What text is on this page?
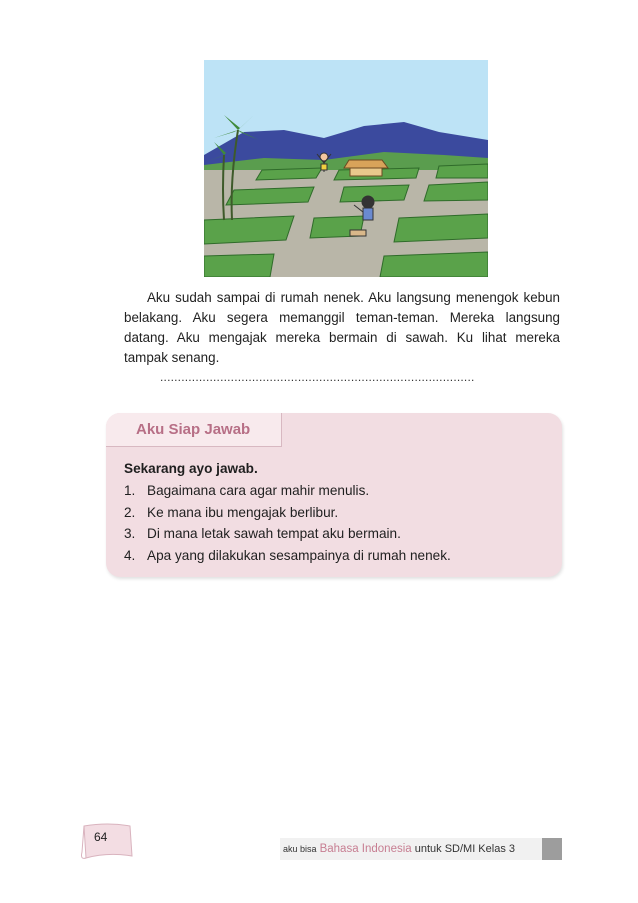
Aku sudah sampai di rumah nenek. Aku langsung menengok kebun belakang. Aku segera memanggil teman-teman. Mereka langsung datang. Aku mengajak mereka bermain di sawah. Ku lihat mereka tampak senang.

.........................................................................................
Aku Siap Jawab
Sekarang ayo jawab.
1. Bagaimana cara agar mahir menulis.
2. Ke mana ibu mengajak berlibur.
3. Di mana letak sawah tempat aku bermain.
4. Apa yang dilakukan sesampainya di rumah nenek.
64
aku bisa Bahasa Indonesia untuk SD/MI Kelas 3
